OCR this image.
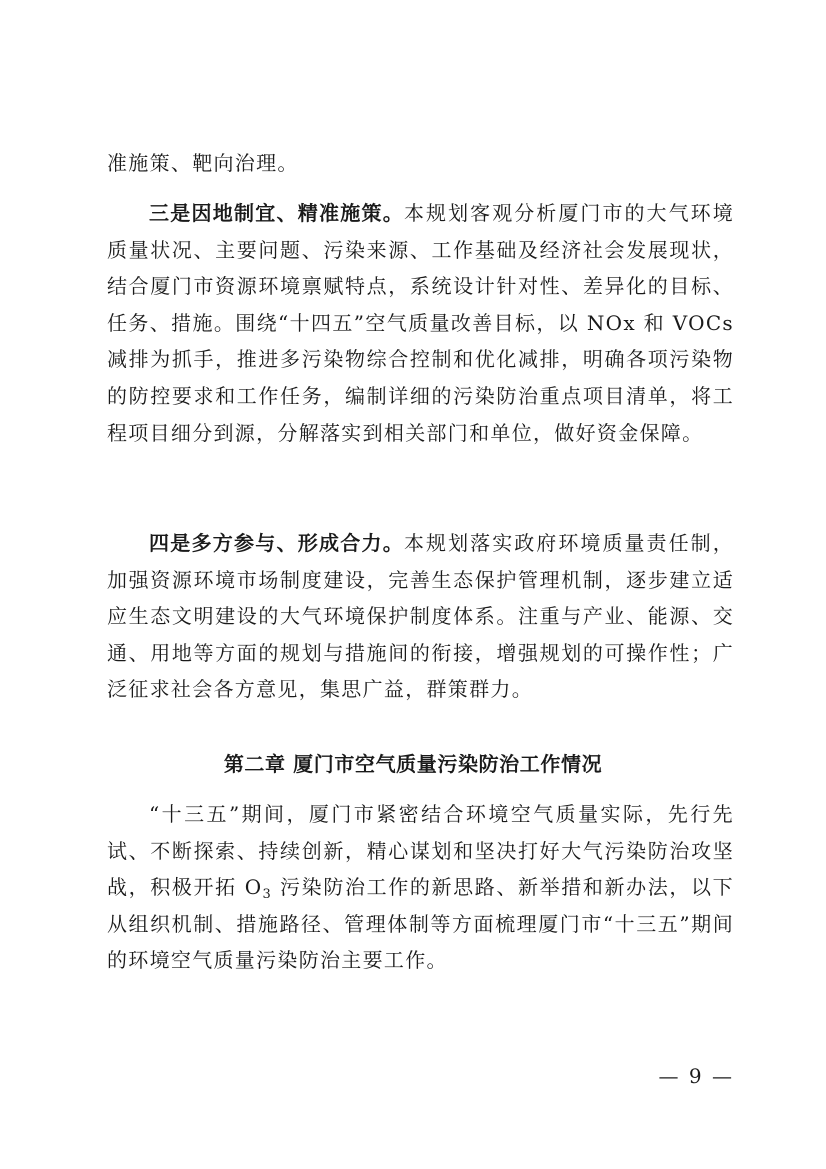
准施策、靶向治理。
三是因地制宜、精准施策。本规划客观分析厦门市的大气环境质量状况、主要问题、污染来源、工作基础及经济社会发展现状，结合厦门市资源环境禀赋特点，系统设计针对性、差异化的目标、任务、措施。围绕“十四五”空气质量改善目标，以 NOx 和 VOCs 减排为抓手，推进多污染物综合控制和优化减排，明确各项污染物的防控要求和工作任务，编制详细的污染防治重点项目清单，将工程项目细分到源，分解落实到相关部门和单位，做好资金保障。
四是多方参与、形成合力。本规划落实政府环境质量责任制，加强资源环境市场制度建设，完善生态保护管理机制，逐步建立适应生态文明建设的大气环境保护制度体系。注重与产业、能源、交通、用地等方面的规划与措施间的衔接，增强规划的可操作性；广泛征求社会各方意见，集思广益，群策群力。
第二章 厦门市空气质量污染防治工作情况
“十三五”期间，厦门市紧密结合环境空气质量实际，先行先试、不断探索、持续创新，精心谋划和坚决打好大气污染防治攻坚战，积极开拓 $O_3$ 污染防治工作的新思路、新举措和新办法，以下从组织机制、措施路径、管理体制等方面梳理厦门市“十三五”期间的环境空气质量污染防治主要工作。
— 9 —
